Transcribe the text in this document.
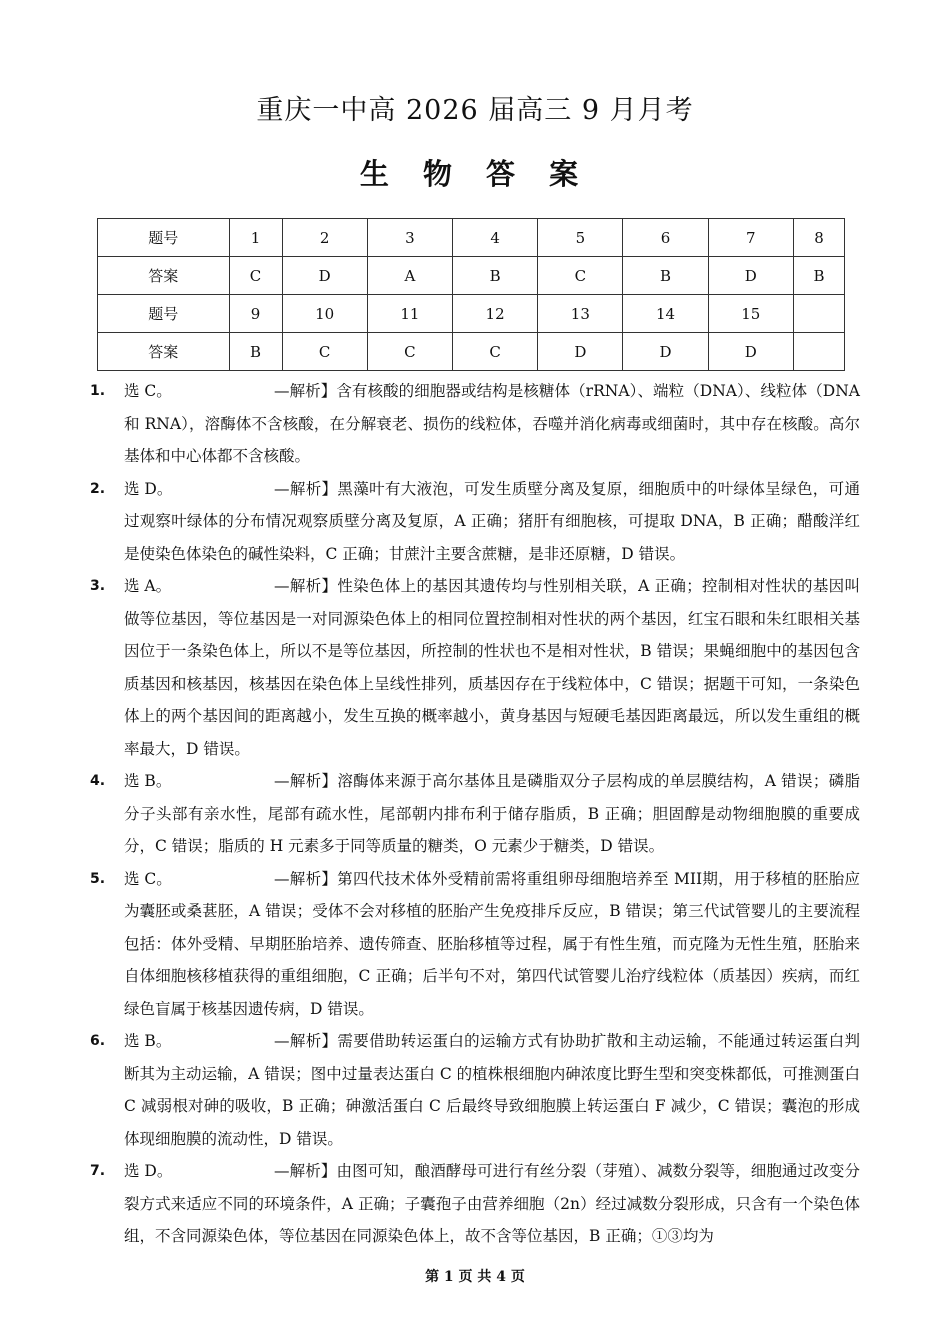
重庆一中高 2026 届高三 9 月月考
生 物 答 案
题号	1	2	3	4	5	6	7	8
答案	C	D	A	B	C	B	D	B
题号	9	10	11	12	13	14	15	
答案	B	C	C	C	D	D	D	
1. 选 C。	—解析】含有核酸的细胞器或结构是核糖体（rRNA）、端粒（DNA）、线粒体（DNA 和 RNA），溶酶体不含核酸，在分解衰老、损伤的线粒体，吞噬并消化病毒或细菌时，其中存在核酸。高尔基体和中心体都不含核酸。
2. 选 D。	—解析】黑藻叶有大液泡，可发生质壁分离及复原，细胞质中的叶绿体呈绿色，可通过观察叶绿体的分布情况观察质壁分离及复原，A 正确；猪肝有细胞核，可提取 DNA，B 正确；醋酸洋红是使染色体染色的碱性染料，C 正确；甘蔗汁主要含蔗糖，是非还原糖，D 错误。
3. 选 A。	—解析】性染色体上的基因其遗传均与性别相关联，A 正确；控制相对性状的基因叫做等位基因，等位基因是一对同源染色体上的相同位置控制相对性状的两个基因，红宝石眼和朱红眼相关基因位于一条染色体上，所以不是等位基因，所控制的性状也不是相对性状，B 错误；果蝇细胞中的基因包含质基因和核基因，核基因在染色体上呈线性排列，质基因存在于线粒体中，C 错误；据题干可知，一条染色体上的两个基因间的距离越小，发生互换的概率越小，黄身基因与短硬毛基因距离最远，所以发生重组的概率最大，D 错误。
4. 选 B。	—解析】溶酶体来源于高尔基体且是磷脂双分子层构成的单层膜结构，A 错误；磷脂分子头部有亲水性，尾部有疏水性，尾部朝内排布利于储存脂质，B 正确；胆固醇是动物细胞膜的重要成分，C 错误；脂质的 H 元素多于同等质量的糖类，O 元素少于糖类，D 错误。
5. 选 C。	—解析】第四代技术体外受精前需将重组卵母细胞培养至 MII期，用于移植的胚胎应为囊胚或桑葚胚，A 错误；受体不会对移植的胚胎产生免疫排斥反应，B 错误；第三代试管婴儿的主要流程包括：体外受精、早期胚胎培养、遗传筛查、胚胎移植等过程，属于有性生殖，而克隆为无性生殖，胚胎来自体细胞核移植获得的重组细胞，C 正确；后半句不对，第四代试管婴儿治疗线粒体（质基因）疾病，而红绿色盲属于核基因遗传病，D 错误。
6. 选 B。	—解析】需要借助转运蛋白的运输方式有协助扩散和主动运输，不能通过转运蛋白判断其为主动运输，A 错误；图中过量表达蛋白 C 的植株根细胞内砷浓度比野生型和突变株都低，可推测蛋白 C 减弱根对砷的吸收，B 正确；砷激活蛋白 C 后最终导致细胞膜上转运蛋白 F 减少，C 错误；囊泡的形成体现细胞膜的流动性，D 错误。
7. 选 D。	—解析】由图可知，酿酒酵母可进行有丝分裂（芽殖）、减数分裂等，细胞通过改变分裂方式来适应不同的环境条件，A 正确；子囊孢子由营养细胞（2n）经过减数分裂形成，只含有一个染色体组，不含同源染色体，等位基因在同源染色体上，故不含等位基因，B 正确；①③均为
第 1 页 共 4 页
